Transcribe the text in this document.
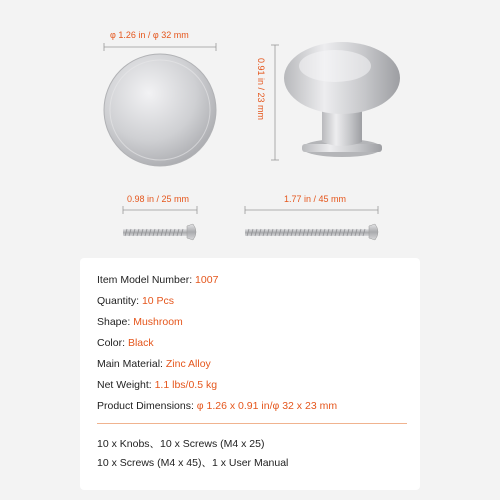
φ 1.26 in / φ 32 mm
0.91 in / 23 mm
0.98 in / 25 mm	1.77 in / 45 mm
Item Model Number: 1007
Quantity: 10 Pcs
Shape: Mushroom
Color: Black
Main Material: Zinc Alloy
Net Weight: 1.1 lbs/0.5 kg
Product Dimensions: φ 1.26 x 0.91 in/φ 32 x 23 mm
10 x Knobs、10 x Screws (M4 x 25)
10 x Screws (M4 x 45)、1 x User Manual
